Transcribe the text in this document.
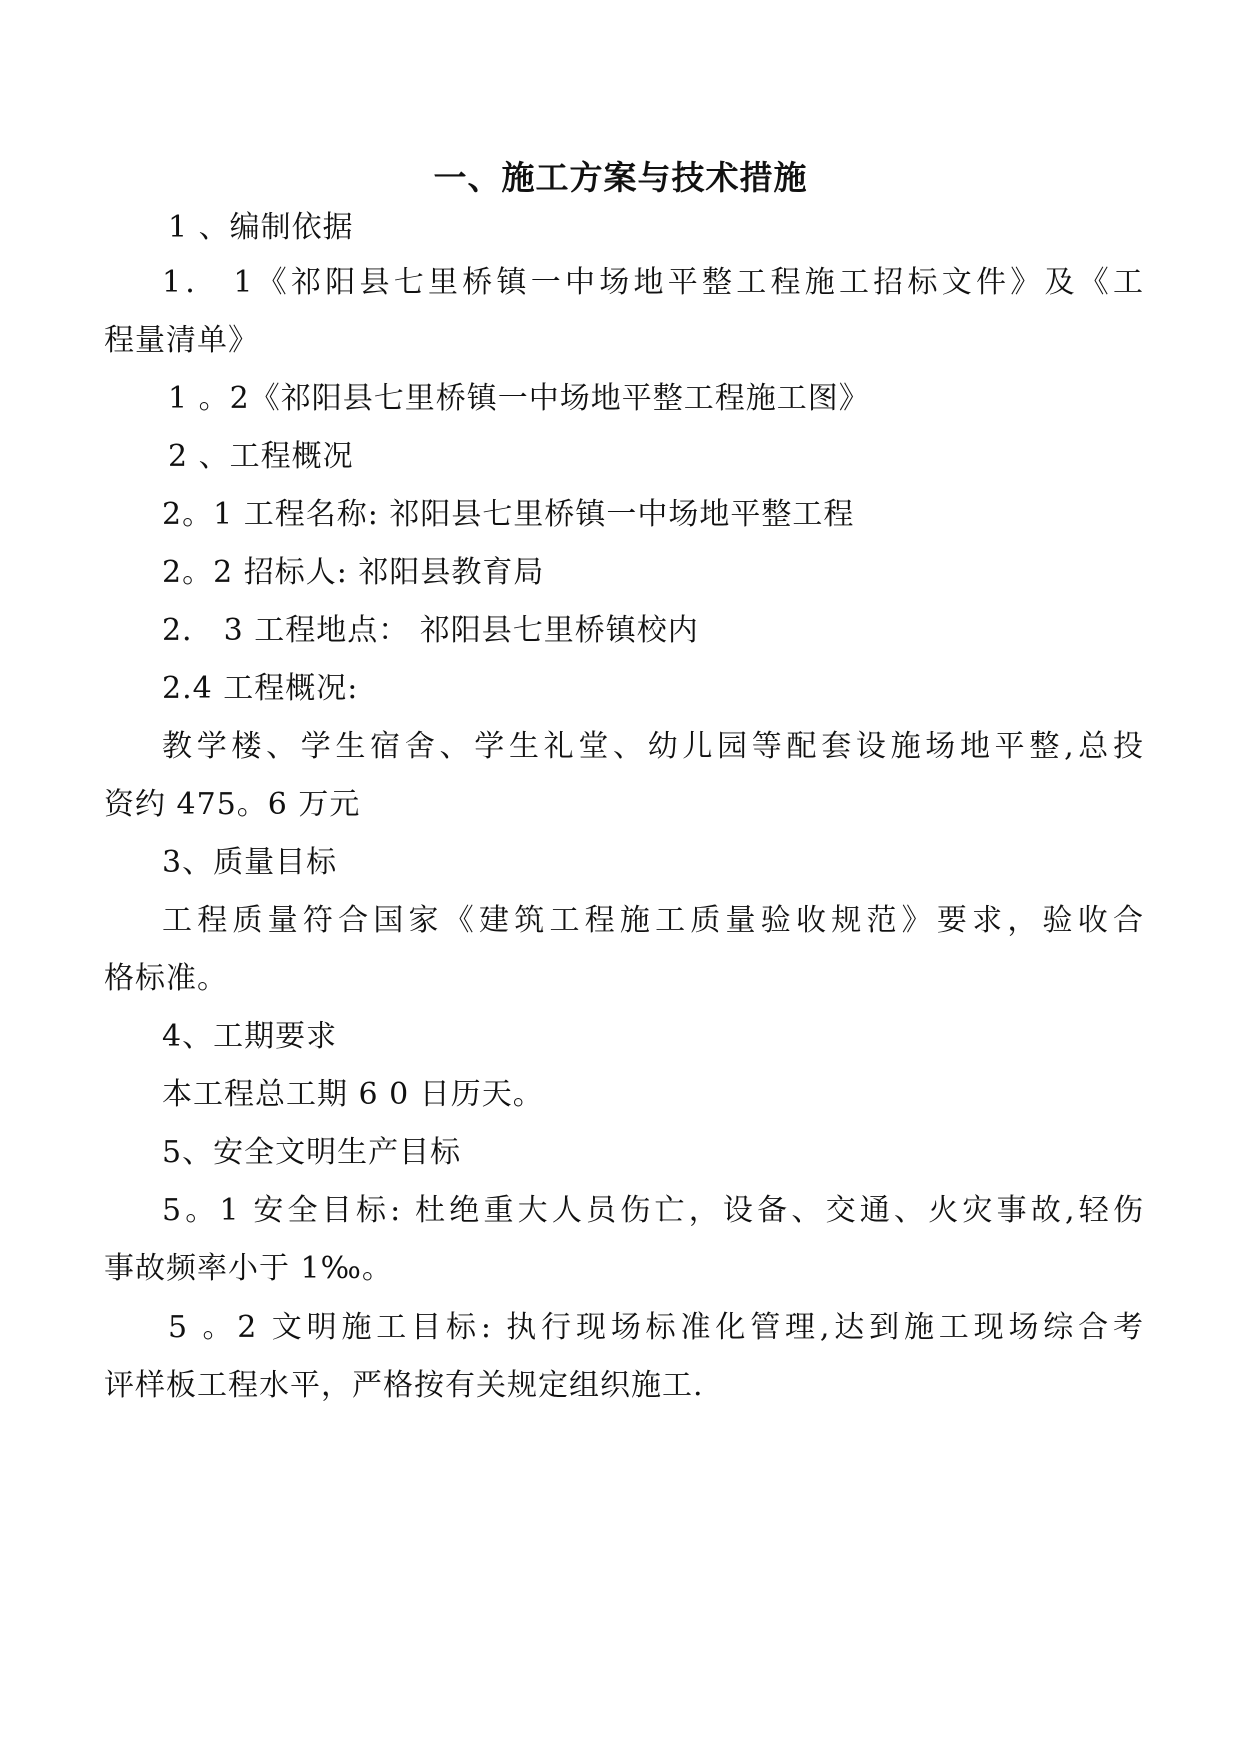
一、施工方案与技术措施
1 、编制依据
1． 1《祁阳县七里桥镇一中场地平整工程施工招标文件》及《工
程量清单》
1 。2《祁阳县七里桥镇一中场地平整工程施工图》
2 、工程概况
2。1 工程名称: 祁阳县七里桥镇一中场地平整工程
2。2 招标人: 祁阳县教育局
2． 3 工程地点： 祁阳县七里桥镇校内
2.4 工程概况:
教学楼、学生宿舍、学生礼堂、幼儿园等配套设施场地平整,总投
资约 475。6 万元
3、质量目标
工程质量符合国家《建筑工程施工质量验收规范》要求，验收合
格标准。
4、工期要求
本工程总工期 6 0 日历天。
5、安全文明生产目标
5。1 安全目标: 杜绝重大人员伤亡，设备、交通、火灾事故,轻伤
事故频率小于 1‰。
5 。2 文明施工目标: 执行现场标准化管理,达到施工现场综合考
评样板工程水平，严格按有关规定组织施工.
